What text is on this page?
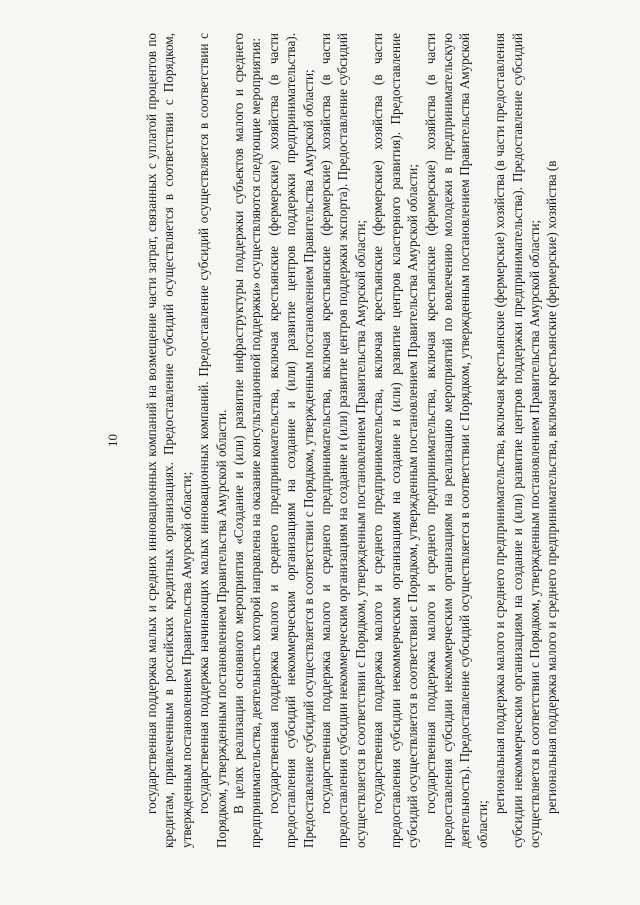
10 государственная поддержка малых и средних инновационных компаний на возмещение части затрат, связанных с уплатой процентов по кредитам, привлеченным в российских кредитных организациях. Предоставление субсидий осуществляется в соответствии с Порядком, утвержденным постановлением Правительства Амурской области; государственная поддержка начинающих малых инновационных компаний. Предоставление субсидий осуществляется в соответствии с Порядком, утвержденным постановлением Правительства Амурской области. В целях реализации основного мероприятия «Создание и (или) развитие инфраструктуры поддержки субъектов малого и среднего предпринимательства, деятельность которой направлена на оказание консультационной поддержки» осуществляются следующие мероприятия: государственная поддержка малого и среднего предпринимательства, включая крестьянские (фермерские) хозяйства (в части предоставления субсидий некоммерческим организациям на создание и (или) развитие центров поддержки предпринимательства). Предоставление субсидий осуществляется в соответствии с Порядком, утвержденным постановлением Правительства Амурской области; государственная поддержка малого и среднего предпринимательства, включая крестьянские (фермерские) хозяйства (в части предоставления субсидии некоммерческим организациям на создание и (или) развитие центров поддержки экспорта). Предоставление субсидий осуществляется в соответствии с Порядком, утвержденным постановлением Правительства Амурской области; государственная поддержка малого и среднего предпринимательства, включая крестьянские (фермерские) хозяйства (в части предоставления субсидии некоммерческим организациям на создание и (или) развитие центров кластерного развития). Предоставление субсидий осуществляется в соответствии с Порядком, утвержденным постановлением Правительства Амурской области; государственная поддержка малого и среднего предпринимательства, включая крестьянские (фермерские) хозяйства (в части предоставления субсидии некоммерческим организациям на реализацию мероприятий по вовлечению молодежи в предпринимательскую деятельность). Предоставление субсидий осуществляется в соответствии с Порядком, утвержденным постановлением Правительства Амурской области;

региональная поддержка малого и среднего предпринимательства, включая крестьянские (фермерские) хозяйства (в части предоставления субсидии некоммерческим организациям на создание и (или) развитие центров поддержки предпринимательства). Предоставление субсидий осуществляется в соответствии с Порядком, утвержденным постановлением Правительства Амурской области; региональная поддержка малого и среднего предпринимательства, включая крестьянские (фермерские) хозяйства (в
